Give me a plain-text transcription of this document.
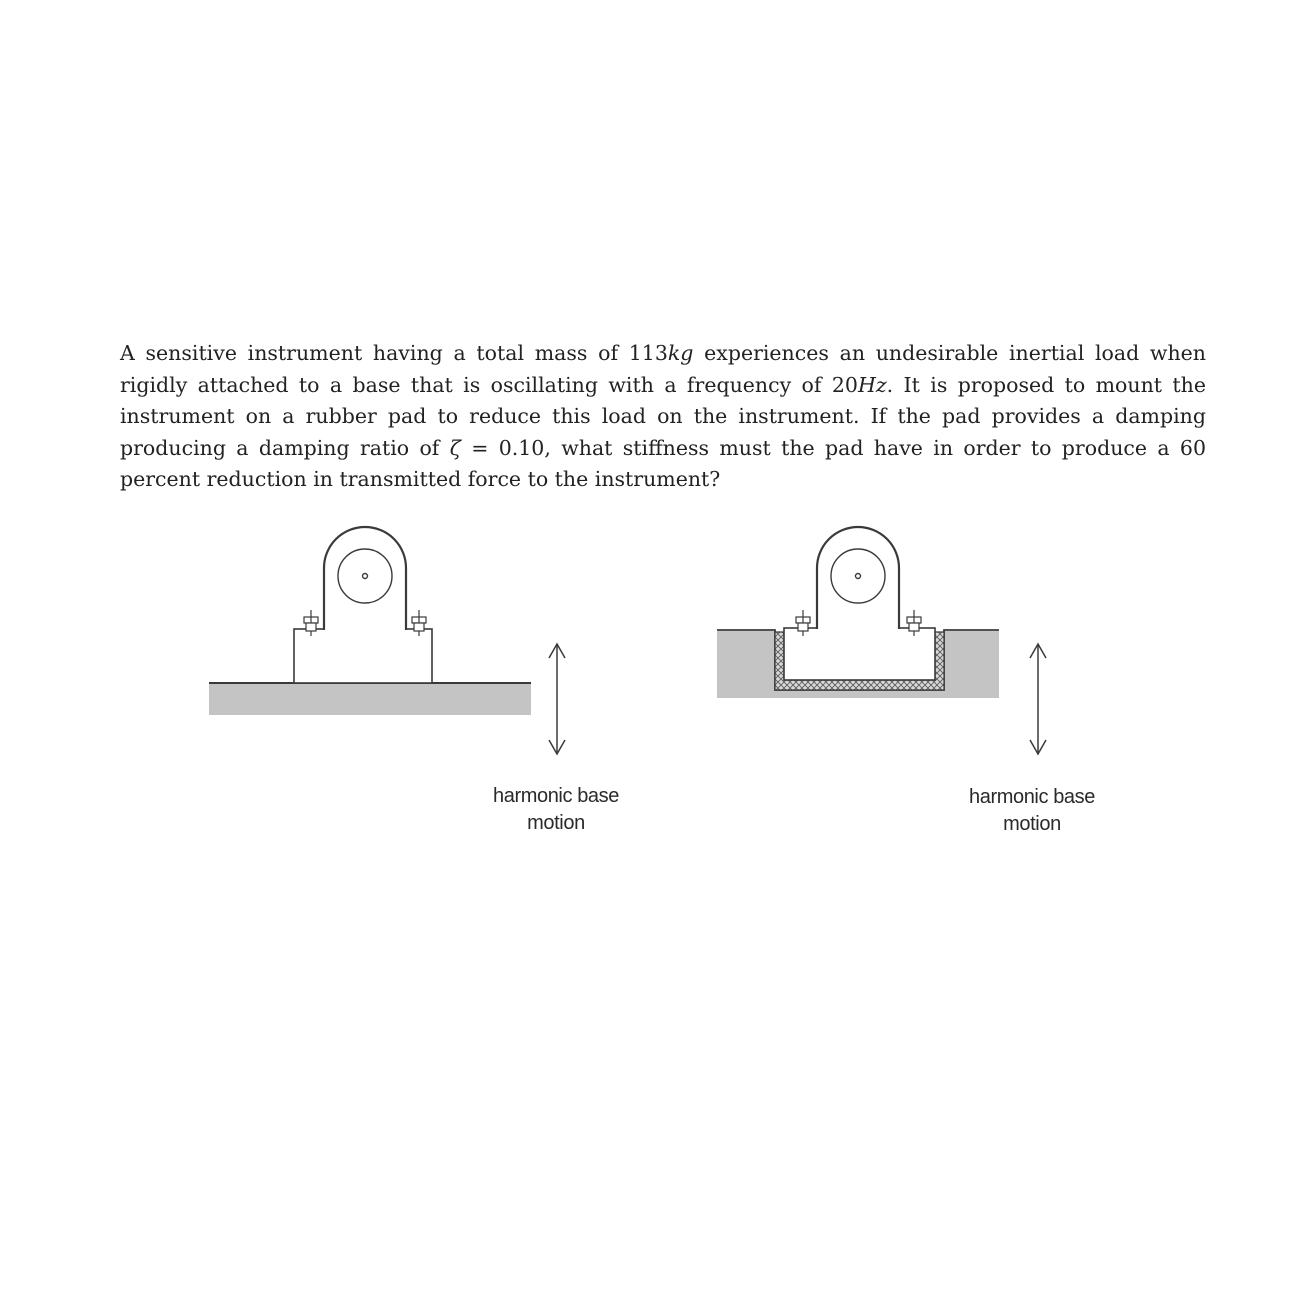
A sensitive instrument having a total mass of 113kg experiences an undesirable inertial load when rigidly attached to a base that is oscillating with a frequency of 20Hz. It is proposed to mount the instrument on a rubber pad to reduce this load on the instrument. If the pad provides a damping producing a damping ratio of ζ = 0.10, what stiffness must the pad have in order to produce a 60 percent reduction in transmitted force to the instrument?

harmonic base
motion
harmonic base
motion
